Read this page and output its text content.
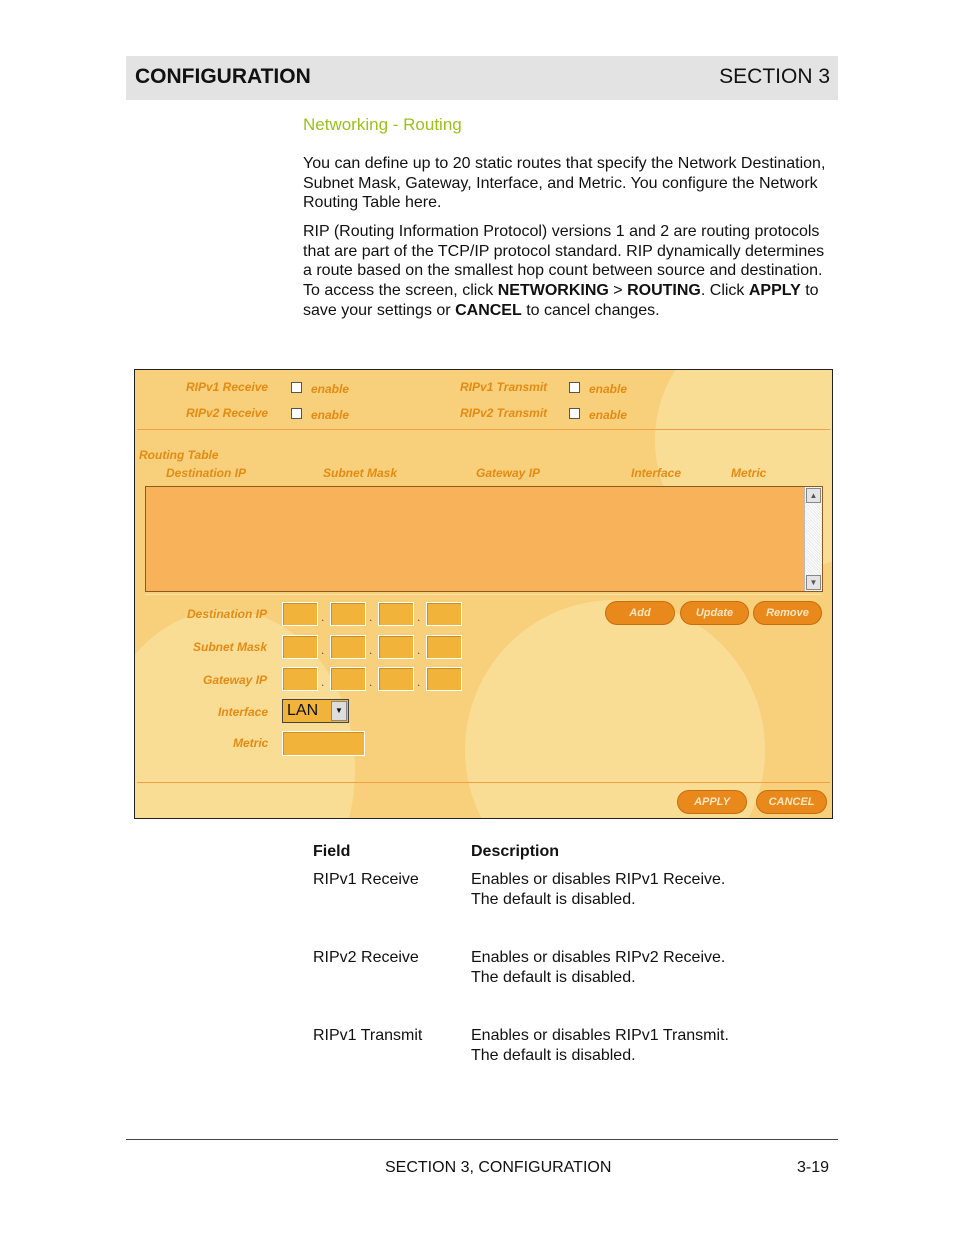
CONFIGURATION	SECTION 3
Networking - Routing
You can define up to 20 static routes that specify the Network Destination, Subnet Mask, Gateway, Interface, and Metric. You configure the Network Routing Table here.
RIP (Routing Information Protocol) versions 1 and 2 are routing protocols that are part of the TCP/IP protocol standard. RIP dynamically determines a route based on the smallest hop count between source and destination. To access the screen, click NETWORKING > ROUTING. Click APPLY to save your settings or CANCEL to cancel changes.
RIPv1 Receive	enable
RIPv2 Receive	enable
RIPv1 Transmit	enable
RIPv2 Transmit	enable
Routing Table
Destination IP	Subnet Mask	Gateway IP	Interface	Metric
▲
▼
Destination IP	.	.	.
Subnet Mask	.	.	.
Gateway IP	.	.	.
Interface LAN	▼
Metric
Add	Update	Remove
APPLY	CANCEL
Field	Description
RIPv1 Receive	Enables or disables RIPv1 Receive.
The default is disabled.
RIPv2 Receive	Enables or disables RIPv2 Receive.
The default is disabled.
RIPv1 Transmit	Enables or disables RIPv1 Transmit.
The default is disabled.
SECTION 3, CONFIGURATION	3-19
